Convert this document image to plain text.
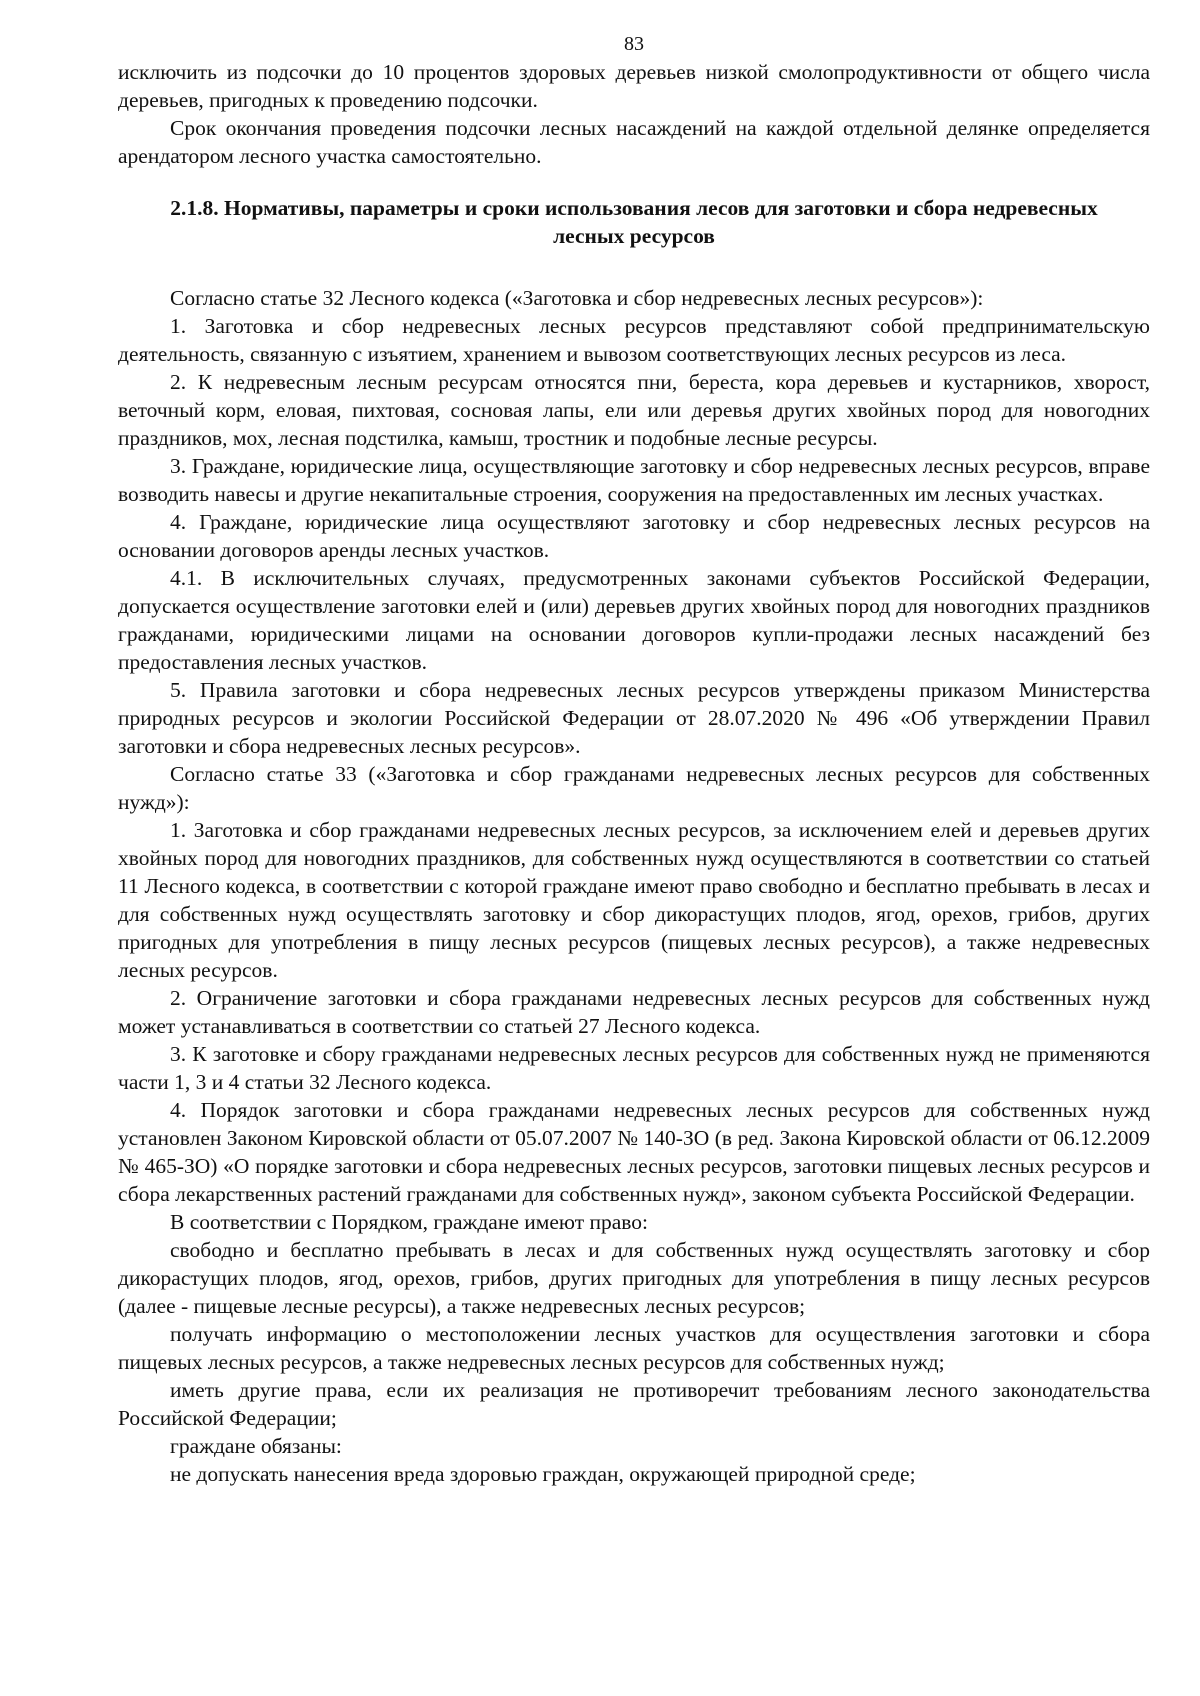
83

исключить из подсочки до 10 процентов здоровых деревьев низкой смолопродуктивности от общего числа деревьев, пригодных к проведению подсочки.

Срок окончания проведения подсочки лесных насаждений на каждой отдельной делянке определяется арендатором лесного участка самостоятельно.

2.1.8. Нормативы, параметры и сроки использования лесов для заготовки и сбора недревесных лесных ресурсов

Согласно статье 32 Лесного кодекса («Заготовка и сбор недревесных лесных ресурсов»):

1. Заготовка и сбор недревесных лесных ресурсов представляют собой предпринимательскую деятельность, связанную с изъятием, хранением и вывозом соответствующих лесных ресурсов из леса.

2. К недревесным лесным ресурсам относятся пни, береста, кора деревьев и кустарников, хворост, веточный корм, еловая, пихтовая, сосновая лапы, ели или деревья других хвойных пород для новогодних праздников, мох, лесная подстилка, камыш, тростник и подобные лесные ресурсы.

3. Граждане, юридические лица, осуществляющие заготовку и сбор недревесных лесных ресурсов, вправе возводить навесы и другие некапитальные строения, сооружения на предоставленных им лесных участках.

4. Граждане, юридические лица осуществляют заготовку и сбор недревесных лесных ресурсов на основании договоров аренды лесных участков.

4.1. В исключительных случаях, предусмотренных законами субъектов Российской Федерации, допускается осуществление заготовки елей и (или) деревьев других хвойных пород для новогодних праздников гражданами, юридическими лицами на основании договоров купли-продажи лесных насаждений без предоставления лесных участков.

5. Правила заготовки и сбора недревесных лесных ресурсов утверждены приказом Министерства природных ресурсов и экологии Российской Федерации от 28.07.2020 № 496 «Об утверждении Правил заготовки и сбора недревесных лесных ресурсов».

Согласно статье 33 («Заготовка и сбор гражданами недревесных лесных ресурсов для собственных нужд»):

1. Заготовка и сбор гражданами недревесных лесных ресурсов, за исключением елей и деревьев других хвойных пород для новогодних праздников, для собственных нужд осуществляются в соответствии со статьей 11 Лесного кодекса, в соответствии с которой граждане имеют право свободно и бесплатно пребывать в лесах и для собственных нужд осуществлять заготовку и сбор дикорастущих плодов, ягод, орехов, грибов, других пригодных для употребления в пищу лесных ресурсов (пищевых лесных ресурсов), а также недревесных лесных ресурсов.

2. Ограничение заготовки и сбора гражданами недревесных лесных ресурсов для собственных нужд может устанавливаться в соответствии со статьей 27 Лесного кодекса.

3. К заготовке и сбору гражданами недревесных лесных ресурсов для собственных нужд не применяются части 1, 3 и 4 статьи 32 Лесного кодекса.

4. Порядок заготовки и сбора гражданами недревесных лесных ресурсов для собственных нужд установлен Законом Кировской области от 05.07.2007 № 140-ЗО (в ред. Закона Кировской области от 06.12.2009 № 465-ЗО) «О порядке заготовки и сбора недревесных лесных ресурсов, заготовки пищевых лесных ресурсов и сбора лекарственных растений гражданами для собственных нужд», законом субъекта Российской Федерации.

В соответствии с Порядком, граждане имеют право:

свободно и бесплатно пребывать в лесах и для собственных нужд осуществлять заготовку и сбор дикорастущих плодов, ягод, орехов, грибов, других пригодных для употребления в пищу лесных ресурсов (далее - пищевые лесные ресурсы), а также недревесных лесных ресурсов;

получать информацию о местоположении лесных участков для осуществления заготовки и сбора пищевых лесных ресурсов, а также недревесных лесных ресурсов для собственных нужд;

иметь другие права, если их реализация не противоречит требованиям лесного законодательства Российской Федерации;

граждане обязаны:

не допускать нанесения вреда здоровью граждан, окружающей природной среде;
